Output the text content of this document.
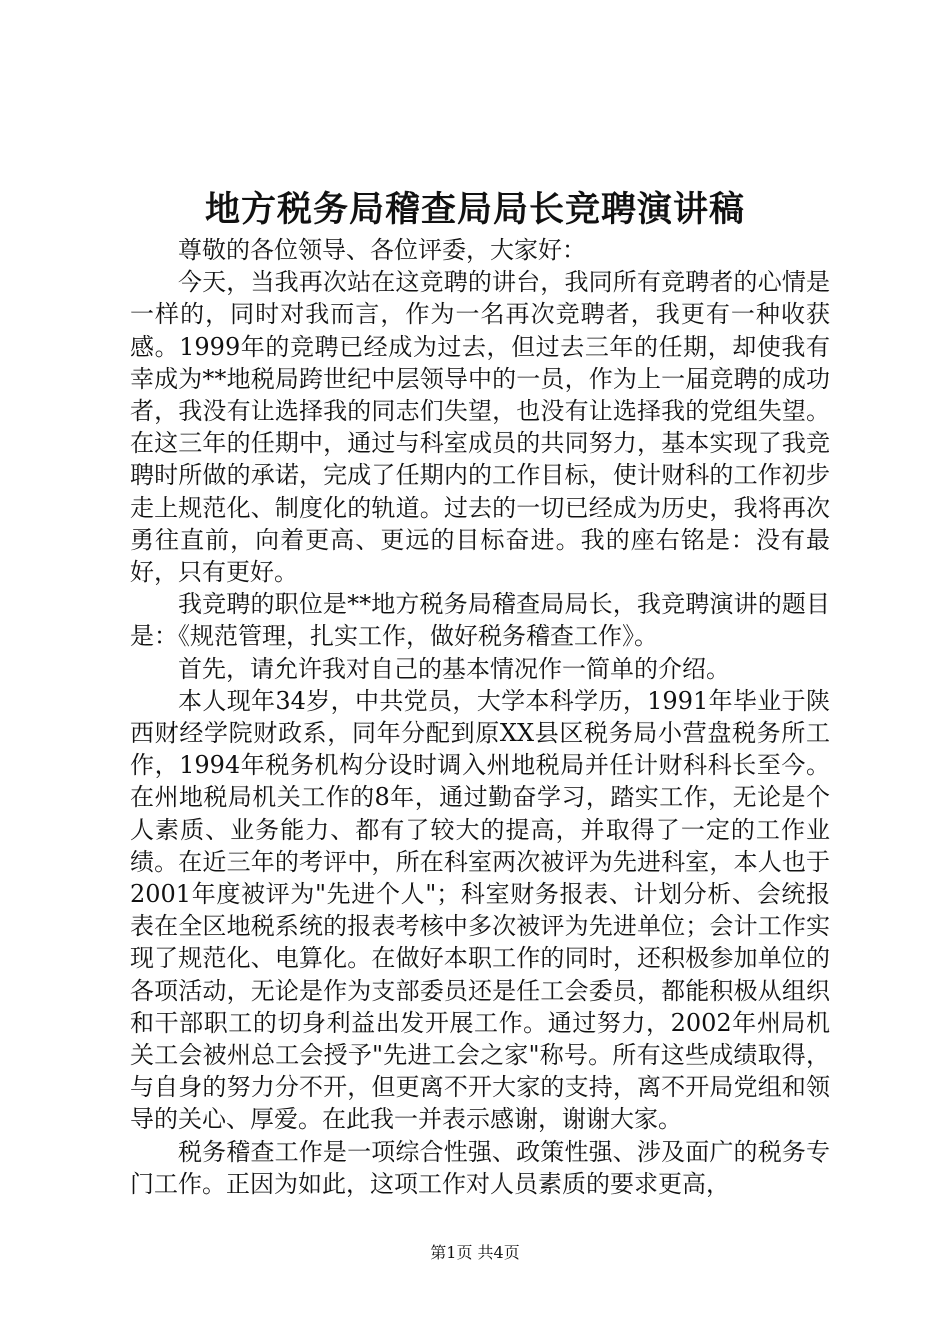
地方税务局稽查局局长竞聘演讲稿

尊敬的各位领导、各位评委，大家好：

今天，当我再次站在这竞聘的讲台，我同所有竞聘者的心情是一样的，同时对我而言，作为一名再次竞聘者，我更有一种收获感。1999年的竞聘已经成为过去，但过去三年的任期，却使我有幸成为**地税局跨世纪中层领导中的一员，作为上一届竞聘的成功者，我没有让选择我的同志们失望，也没有让选择我的党组失望。在这三年的任期中，通过与科室成员的共同努力，基本实现了我竞聘时所做的承诺，完成了任期内的工作目标，使计财科的工作初步走上规范化、制度化的轨道。过去的一切已经成为历史，我将再次勇往直前，向着更高、更远的目标奋进。我的座右铭是：没有最好，只有更好。

我竞聘的职位是**地方税务局稽查局局长，我竞聘演讲的题目是：《规范管理，扎实工作，做好税务稽查工作》。

首先，请允许我对自己的基本情况作一简单的介绍。

本人现年34岁，中共党员，大学本科学历，1991年毕业于陕西财经学院财政系，同年分配到原XX县区税务局小营盘税务所工作，1994年税务机构分设时调入州地税局并任计财科科长至今。在州地税局机关工作的8年，通过勤奋学习，踏实工作，无论是个人素质、业务能力、都有了较大的提高，并取得了一定的工作业绩。在近三年的考评中，所在科室两次被评为先进科室，本人也于2001年度被评为"先进个人"；科室财务报表、计划分析、会统报表在全区地税系统的报表考核中多次被评为先进单位；会计工作实现了规范化、电算化。在做好本职工作的同时，还积极参加单位的各项活动，无论是作为支部委员还是任工会委员，都能积极从组织和干部职工的切身利益出发开展工作。通过努力，2002年州局机关工会被州总工会授予"先进工会之家"称号。所有这些成绩取得，与自身的努力分不开，但更离不开大家的支持，离不开局党组和领导的关心、厚爱。在此我一并表示感谢，谢谢大家。

税务稽查工作是一项综合性强、政策性强、涉及面广的税务专门工作。正因为如此，这项工作对人员素质的要求更高，

第1页 共4页
